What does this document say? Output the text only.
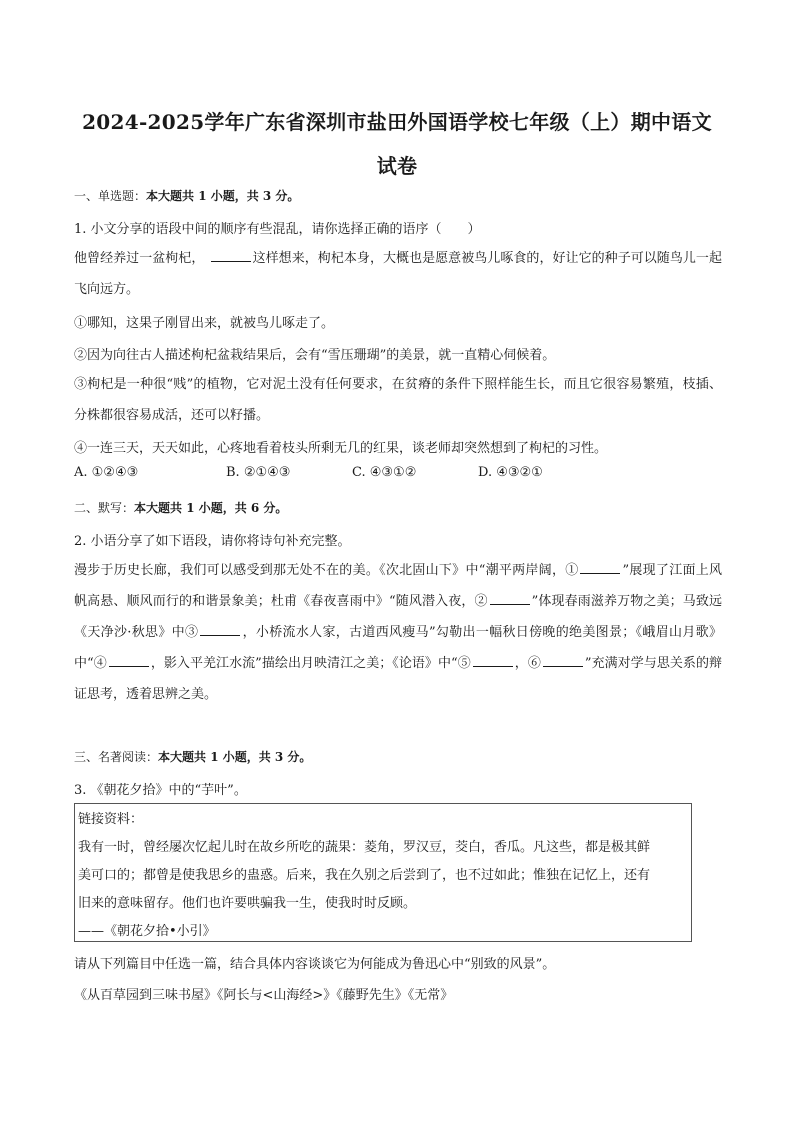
2024-2025学年广东省深圳市盐田外国语学校七年级（上）期中语文
试卷
一、单选题：本大题共 1 小题，共 3 分。
1. 小文分享的语段中间的顺序有些混乱，请你选择正确的语序（　　）
他曾经养过一盆枸杞，	这样想来，枸杞本身，大概也是愿意被鸟儿啄食的，好让它的种子可以随鸟儿一起飞向远方。
①哪知，这果子刚冒出来，就被鸟儿啄走了。
②因为向往古人描述枸杞盆栽结果后，会有“雪压珊瑚”的美景，就一直精心伺候着。
③枸杞是一种很“贱”的植物，它对泥土没有任何要求，在贫瘠的条件下照样能生长，而且它很容易繁殖，枝插、分株都很容易成活，还可以籽播。
④一连三天，天天如此，心疼地看着枝头所剩无几的红果，谈老师却突然想到了枸杞的习性。
A. ①②④③	B. ②①④③	C. ④③①②	D. ④③②①
二、默写：本大题共 1 小题，共 6 分。
2. 小语分享了如下语段，请你将诗句补充完整。
漫步于历史长廊，我们可以感受到那无处不在的美。《次北固山下》中“潮平两岸阔，①	”展现了江面上风帆高悬、顺风而行的和谐景象美；杜甫《春夜喜雨中》“随风潜入夜，②	”体现春雨滋养万物之美；马致远《天净沙·秋思》中③	，小桥流水人家，古道西风瘦马”勾勒出一幅秋日傍晚的绝美图景；《峨眉山月歌》中“④	，影入平羌江水流”描绘出月映清江之美；《论语》中“⑤	，⑥	”充满对学与思关系的辩证思考，透着思辨之美。
三、名著阅读：本大题共 1 小题，共 3 分。
3. 《朝花夕拾》中的“芋叶”。
链接资料：
我有一时，曾经屡次忆起儿时在故乡所吃的蔬果：菱角，罗汉豆，茭白，香瓜。凡这些，都是极其鲜
美可口的；都曾是使我思乡的蛊惑。后来，我在久别之后尝到了，也不过如此；惟独在记忆上，还有
旧来的意味留存。他们也许要哄骗我一生，使我时时反顾。
——《朝花夕拾•小引》
请从下列篇目中任选一篇，结合具体内容谈谈它为何能成为鲁迅心中“别致的风景”。
《从百草园到三味书屋》《阿长与<山海经>》《藤野先生》《无常》
